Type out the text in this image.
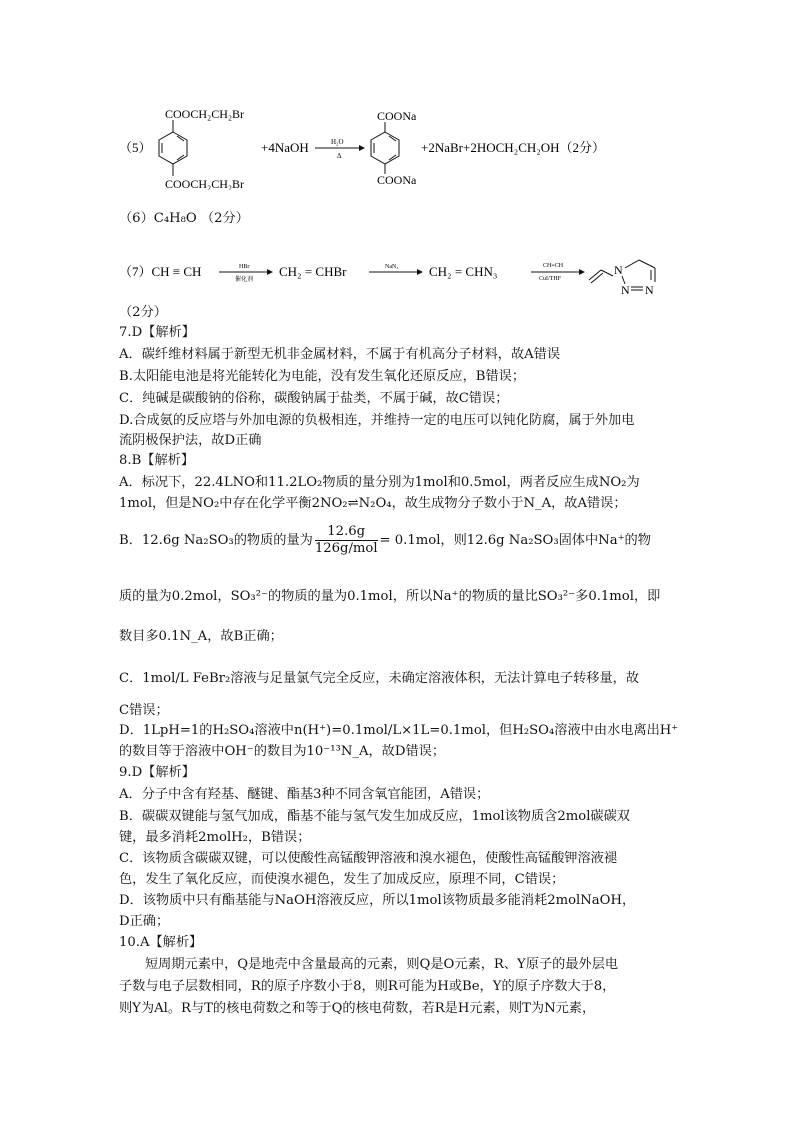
（5）
COOCH₂CH₂Br
COOCH₂CH₂Br
+4NaOH	H₂O
Δ
COONa
COONa
+2NaBr+2HOCH₂CH₂OH（2分）
（6）C₄H₈O （2分）
（7）CH ≡ CH	HBr
催化剂
CH₂ = CHBr	NaN₃ CH₂ = CHN₃	CH≡CH
CuI/THF
N
N N
（2分）
7.D【解析】
A．碳纤维材料属于新型无机非金属材料，不属于有机高分子材料，故A错误
B.太阳能电池是将光能转化为电能，没有发生氧化还原反应，B错误；
C．纯碱是碳酸钠的俗称，碳酸钠属于盐类，不属于碱，故C错误；
D.合成氨的反应塔与外加电源的负极相连，并维持一定的电压可以钝化防腐，属于外加电
流阴极保护法，故D正确
8.B【解析】
A．标况下，22.4LNO和11.2LO₂物质的量分别为1mol和0.5mol，两者反应生成NO₂为
1mol，但是NO₂中存在化学平衡2NO₂⇌N₂O₄，故生成物分子数小于N_A，故A错误；
B．12.6g Na₂SO₃的物质的量为 $\frac{12.6g}{\text{126g/mol}} = 0.1mol$，则12.6g Na₂SO₃固体中Na⁺的物
质的量为0.2mol，SO₃²⁻的物质的量为0.1mol，所以Na⁺的物质的量比SO₃²⁻多0.1mol，即
数目多0.1N_A，故B正确；
C．1mol/L FeBr₂溶液与足量氯气完全反应，未确定溶液体积，无法计算电子转移量，故
C错误；
D．1LpH=1的H₂SO₄溶液中n(H⁺)=0.1mol/L×1L=0.1mol，但H₂SO₄溶液中由水电离出H⁺
的数目等于溶液中OH⁻的数目为10⁻¹³N_A，故D错误；
9.D【解析】
A．分子中含有羟基、醚键、酯基3种不同含氧官能团，A错误；
B．碳碳双键能与氢气加成，酯基不能与氢气发生加成反应，1mol该物质含2mol碳碳双
键，最多消耗2molH₂，B错误；
C．该物质含碳碳双键，可以使酸性高锰酸钾溶液和溴水褪色，使酸性高锰酸钾溶液褪
色，发生了氧化反应，而使溴水褪色，发生了加成反应，原理不同，C错误；
D．该物质中只有酯基能与NaOH溶液反应，所以1mol该物质最多能消耗2molNaOH，
D正确；
10.A【解析】
短周期元素中，Q是地壳中含量最高的元素，则Q是O元素，R、Y原子的最外层电
子数与电子层数相同，R的原子序数小于8，则R可能为H或Be，Y的原子序数大于8，
则Y为Al。R与T的核电荷数之和等于Q的核电荷数，若R是H元素，则T为N元素，
